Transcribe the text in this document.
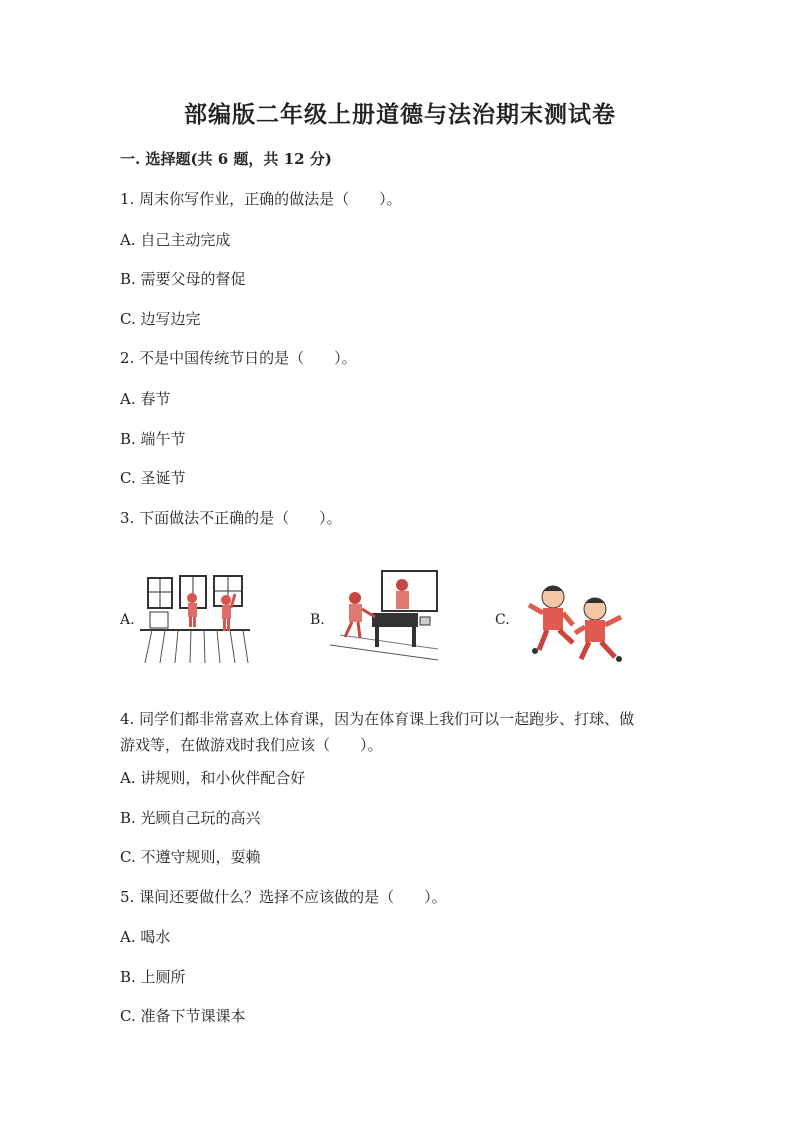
部编版二年级上册道德与法治期末测试卷
一. 选择题(共 6 题，共 12 分)
1. 周末你写作业，正确的做法是（　　）。
A. 自己主动完成
B. 需要父母的督促
C. 边写边完
2. 不是中国传统节日的是（　　）。
A. 春节
B. 端午节
C. 圣诞节
3. 下面做法不正确的是（　　）。
A.	B.	C.
4. 同学们都非常喜欢上体育课，因为在体育课上我们可以一起跑步、打球、做
游戏等，在做游戏时我们应该（　　）。
A. 讲规则，和小伙伴配合好
B. 光顾自己玩的高兴
C. 不遵守规则，耍赖
5. 课间还要做什么？选择不应该做的是（　　）。
A. 喝水
B. 上厕所
C. 准备下节课课本
